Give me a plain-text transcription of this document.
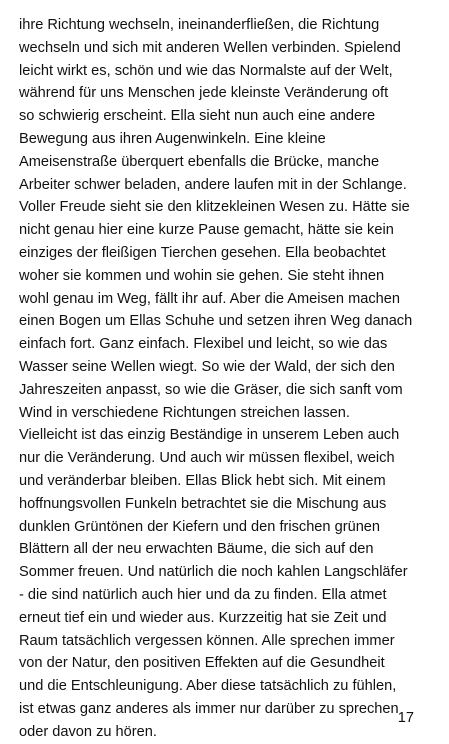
ihre Richtung wechseln, ineinanderfließen, die Richtung
wechseln und sich mit anderen Wellen verbinden. Spielend
leicht wirkt es, schön und wie das Normalste auf der Welt,
während für uns Menschen jede kleinste Veränderung oft
so schwierig erscheint. Ella sieht nun auch eine andere
Bewegung aus ihren Augenwinkeln. Eine kleine
Ameisenstraße überquert ebenfalls die Brücke, manche
Arbeiter schwer beladen, andere laufen mit in der Schlange.
Voller Freude sieht sie den klitzekleinen Wesen zu. Hätte sie
nicht genau hier eine kurze Pause gemacht, hätte sie kein
einziges der fleißigen Tierchen gesehen. Ella beobachtet
woher sie kommen und wohin sie gehen. Sie steht ihnen
wohl genau im Weg, fällt ihr auf. Aber die Ameisen machen
einen Bogen um Ellas Schuhe und setzen ihren Weg danach
einfach fort. Ganz einfach. Flexibel und leicht, so wie das
Wasser seine Wellen wiegt. So wie der Wald, der sich den
Jahreszeiten anpasst, so wie die Gräser, die sich sanft vom
Wind in verschiedene Richtungen streichen lassen.
Vielleicht ist das einzig Beständige in unserem Leben auch
nur die Veränderung. Und auch wir müssen flexibel, weich
und veränderbar bleiben. Ellas Blick hebt sich. Mit einem
hoffnungsvollen Funkeln betrachtet sie die Mischung aus
dunklen Grüntönen der Kiefern und den frischen grünen
Blättern all der neu erwachten Bäume, die sich auf den
Sommer freuen. Und natürlich die noch kahlen Langschläfer
- die sind natürlich auch hier und da zu finden. Ella atmet
erneut tief ein und wieder aus. Kurzzeitig hat sie Zeit und
Raum tatsächlich vergessen können. Alle sprechen immer
von der Natur, den positiven Effekten auf die Gesundheit
und die Entschleunigung. Aber diese tatsächlich zu fühlen,
ist etwas ganz anderes als immer nur darüber zu sprechen
oder davon zu hören.
17
